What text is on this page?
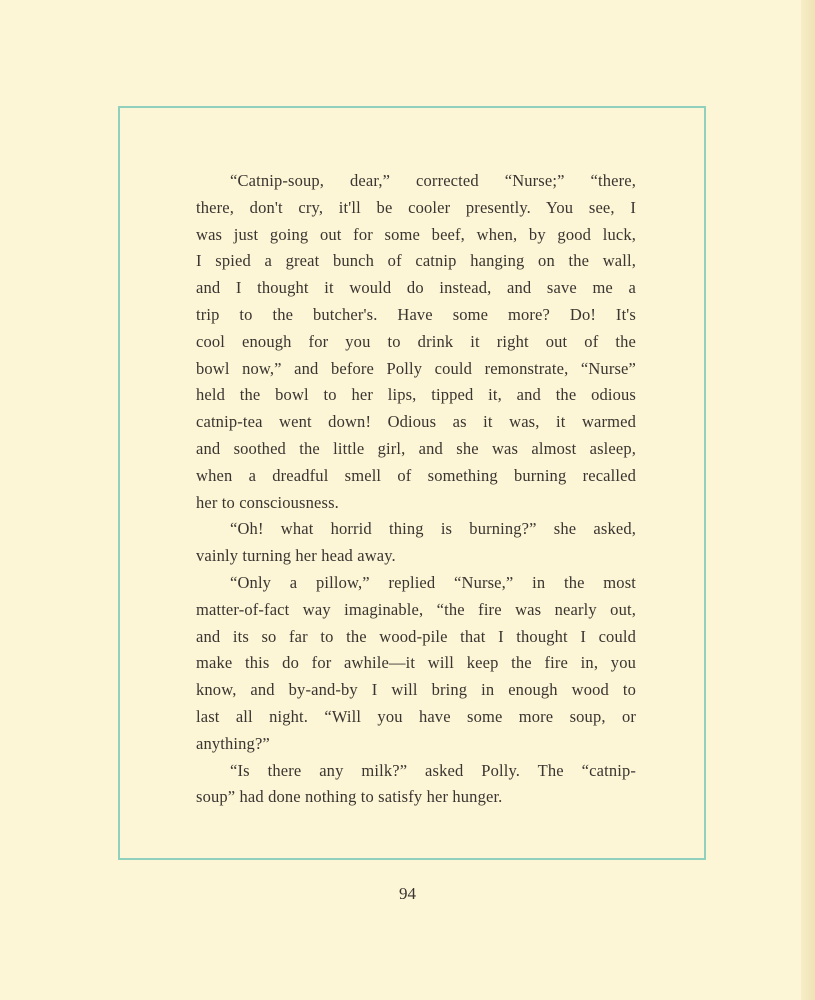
“Catnip-soup, dear,” corrected “Nurse;” “there,
there, don't cry, it'll be cooler presently. You see, I
was just going out for some beef, when, by good luck,
I spied a great bunch of catnip hanging on the wall,
and I thought it would do instead, and save me a
trip to the butcher's. Have some more? Do! It's
cool enough for you to drink it right out of the
bowl now,” and before Polly could remonstrate, “Nurse”
held the bowl to her lips, tipped it, and the odious
catnip-tea went down! Odious as it was, it warmed
and soothed the little girl, and she was almost asleep,
when a dreadful smell of something burning recalled
her to consciousness.
“Oh! what horrid thing is burning?” she asked,
vainly turning her head away.
“Only a pillow,” replied “Nurse,” in the most
matter-of-fact way imaginable, “the fire was nearly out,
and its so far to the wood-pile that I thought I could
make this do for awhile—it will keep the fire in, you
know, and by-and-by I will bring in enough wood to
last all night. “Will you have some more soup, or
anything?”
“Is there any milk?” asked Polly. The “catnip-
soup” had done nothing to satisfy her hunger.
94
